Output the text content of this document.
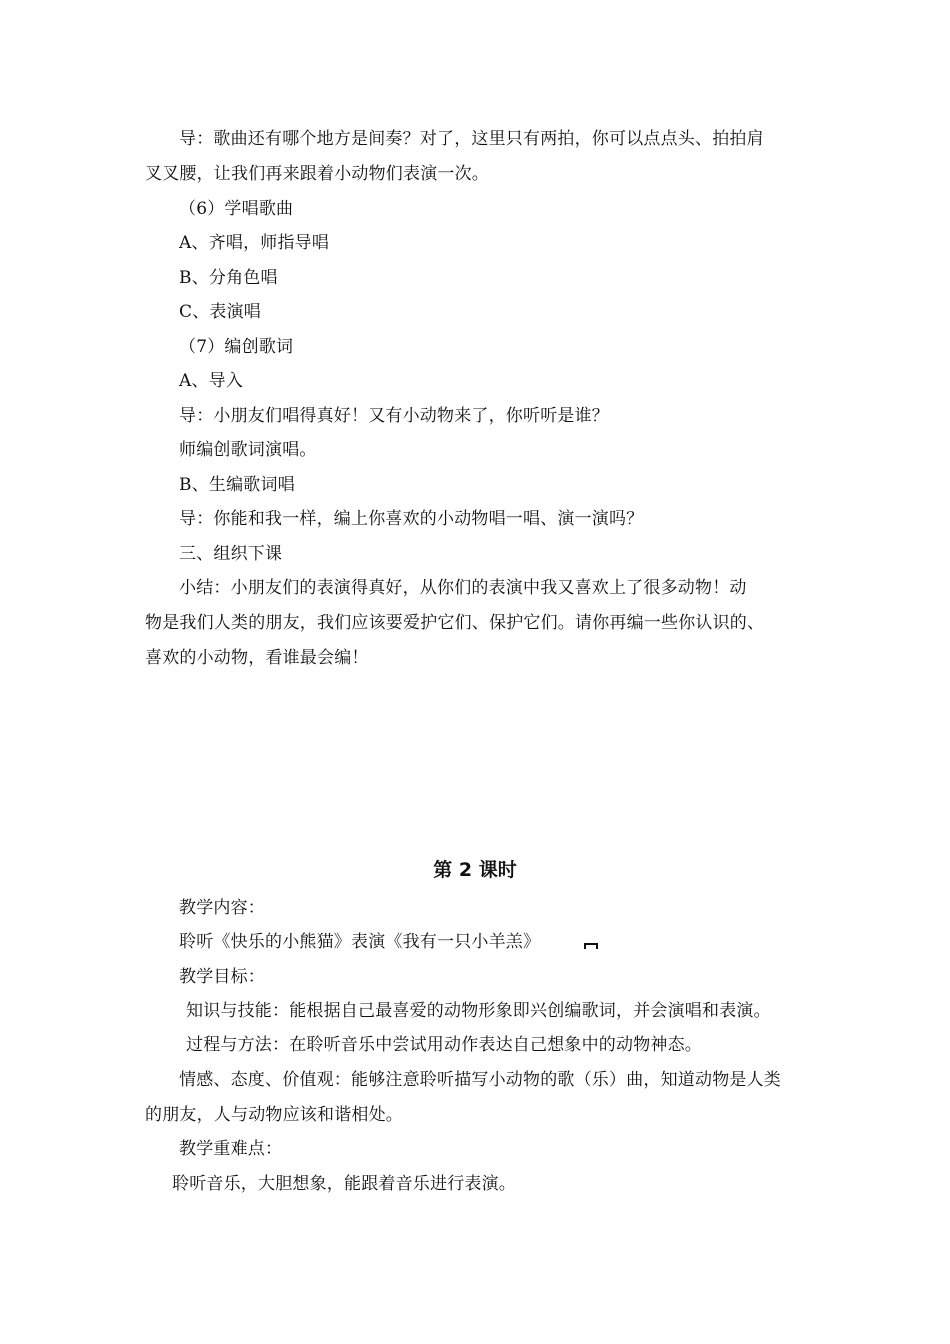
导：歌曲还有哪个地方是间奏？对了，这里只有两拍，你可以点点头、拍拍肩
叉叉腰，让我们再来跟着小动物们表演一次。
（6）学唱歌曲
A、齐唱，师指导唱
B、分角色唱
C、表演唱
（7）编创歌词
A、导入
导：小朋友们唱得真好！又有小动物来了，你听听是谁？
师编创歌词演唱。
B、生编歌词唱
导：你能和我一样，编上你喜欢的小动物唱一唱、演一演吗？
三、组织下课
小结：小朋友们的表演得真好，从你们的表演中我又喜欢上了很多动物！动
物是我们人类的朋友，我们应该要爱护它们、保护它们。请你再编一些你认识的、
喜欢的小动物，看谁最会编！
第 2 课时
教学内容：
聆听《快乐的小熊猫》表演《我有一只小羊羔》
教学目标：
知识与技能：能根据自己最喜爱的动物形象即兴创编歌词，并会演唱和表演。
过程与方法：在聆听音乐中尝试用动作表达自己想象中的动物神态。
情感、态度、价值观：能够注意聆听描写小动物的歌（乐）曲，知道动物是人类
的朋友，人与动物应该和谐相处。
教学重难点：
聆听音乐，大胆想象，能跟着音乐进行表演。
